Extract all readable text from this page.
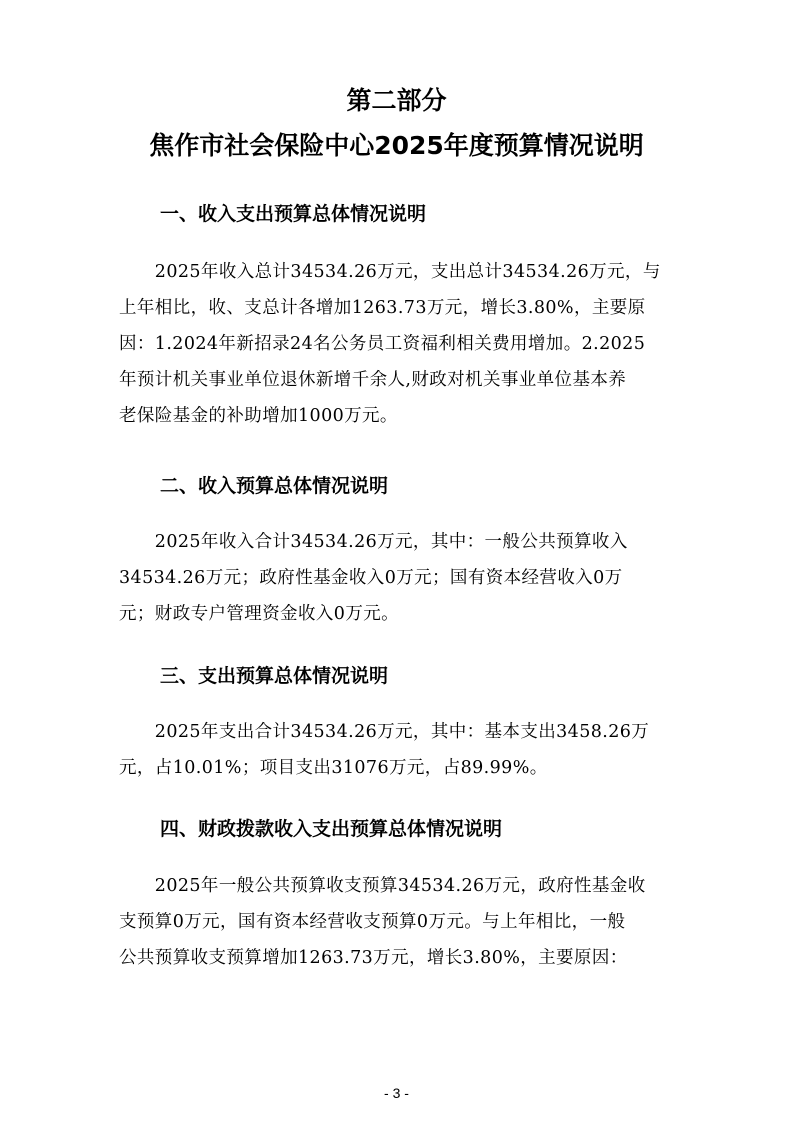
第二部分
焦作市社会保险中心2025年度预算情况说明
一、收入支出预算总体情况说明
　　2025年收入总计34534.26万元，支出总计34534.26万元，与
上年相比，收、支总计各增加1263.73万元，增长3.80%，主要原
因：1.2024年新招录24名公务员工资福利相关费用增加。2.2025
年预计机关事业单位退休新增千余人,财政对机关事业单位基本养
老保险基金的补助增加1000万元。
二、收入预算总体情况说明
　　2025年收入合计34534.26万元，其中：一般公共预算收入
34534.26万元；政府性基金收入0万元；国有资本经营收入0万
元；财政专户管理资金收入0万元。
三、支出预算总体情况说明
　　2025年支出合计34534.26万元，其中：基本支出3458.26万
元，占10.01%；项目支出31076万元，占89.99%。
四、财政拨款收入支出预算总体情况说明
　　2025年一般公共预算收支预算34534.26万元，政府性基金收
支预算0万元，国有资本经营收支预算0万元。与上年相比，一般
公共预算收支预算增加1263.73万元，增长3.80%，主要原因：
- 3 -
